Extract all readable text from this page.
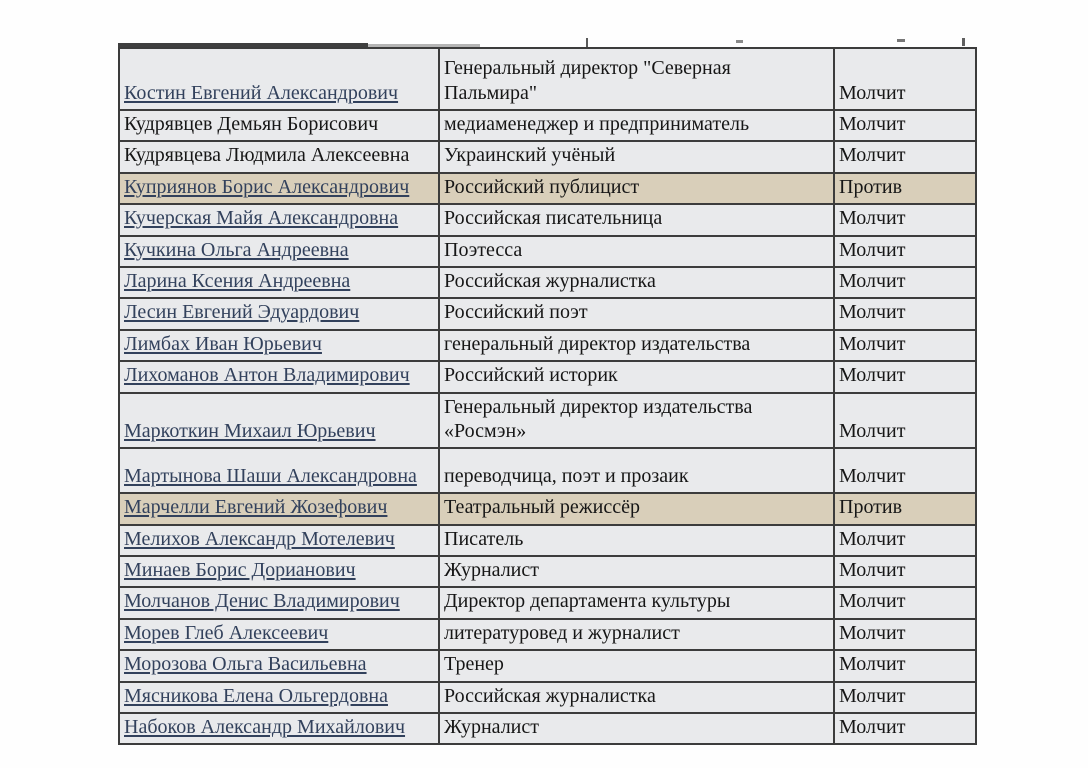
Костин Евгений Александрович	Генеральный директор "Северная Пальмира"	Молчит
Кудрявцев Демьян Борисович	медиаменеджер и предприниматель	Молчит
Кудрявцева Людмила Алексеевна	Украинский учёный	Молчит
Куприянов Борис Александрович	Российский публицист	Против
Кучерская Майя Александровна	Российская писательница	Молчит
Кучкина Ольга Андреевна	Поэтесса	Молчит
Ларина Ксения Андреевна	Российская журналистка	Молчит
Лесин Евгений Эдуардович	Российский поэт	Молчит
Лимбах Иван Юрьевич	генеральный директор издательства	Молчит
Лихоманов Антон Владимирович	Российский историк	Молчит
Маркоткин Михаил Юрьевич	Генеральный директор издательства «Росмэн»	Молчит
Мартынова Шаши Александровна	переводчица, поэт и прозаик	Молчит
Марчелли Евгений Жозефович	Театральный режиссёр	Против
Мелихов Александр Мотелевич	Писатель	Молчит
Минаев Борис Дорианович	Журналист	Молчит
Молчанов Денис Владимирович	Директор департамента культуры	Молчит
Морев Глеб Алексеевич	литературовед и журналист	Молчит
Морозова Ольга Васильевна	Тренер	Молчит
Мясникова Елена Ольгердовна	Российская журналистка	Молчит
Набоков Александр Михайлович	Журналист	Молчит
